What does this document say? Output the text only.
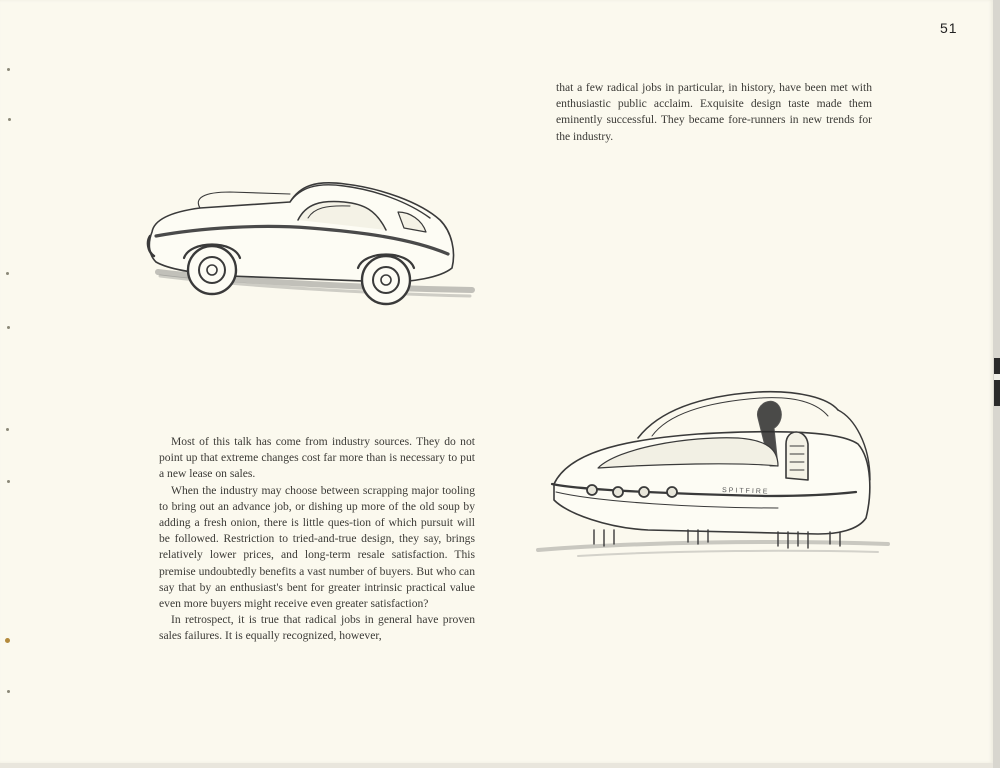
51

that a few radical jobs in particular, in history, have been met with enthusiastic public acclaim. Exquisite design taste made them eminently successful. They became fore-runners in new trends for the industry.

SPITFIRE

Most of this talk has come from industry sources. They do not point up that extreme changes cost far more than is necessary to put a new lease on sales.

When the industry may choose between scrapping major tooling to bring out an advance job, or dishing up more of the old soup by adding a fresh onion, there is little ques-tion of which pursuit will be followed. Restriction to tried-and-true design, they say, brings relatively lower prices, and long-term resale satisfaction. This premise undoubtedly benefits a vast number of buyers. But who can say that by an enthusiast's bent for greater intrinsic practical value even more buyers might receive even greater satisfaction?

In retrospect, it is true that radical jobs in general have proven sales failures. It is equally recognized, however,
